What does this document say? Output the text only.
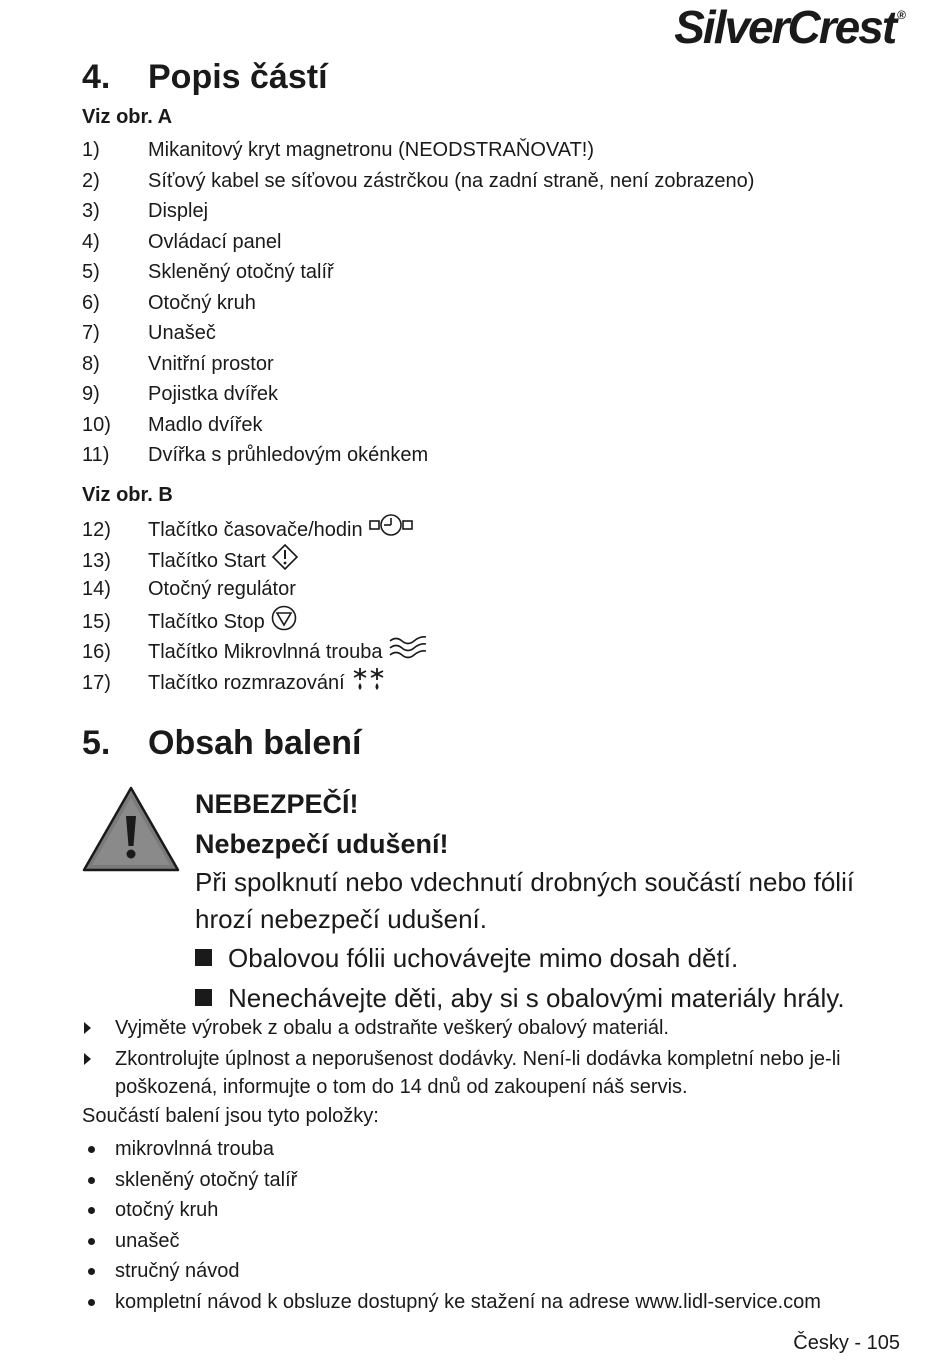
SilverCrest ®
4. Popis částí

Viz obr. A

1) Mikanitový kryt magnetronu (NEODSTRAŇOVAT!)
2) Síťový kabel se síťovou zástrčkou (na zadní straně, není zobrazeno)
3) Displej
4) Ovládací panel
5) Skleněný otočný talíř
6) Otočný kruh
7) Unašeč
8) Vnitřní prostor
9) Pojistka dvířek
10) Madlo dvířek
11) Dvířka s průhledovým okénkem

Viz obr. B

12) Tlačítko časovače/hodin
13) Tlačítko Start
14) Otočný regulátor
15) Tlačítko Stop
16) Tlačítko Mikrovlnná trouba
17) Tlačítko rozmrazování
5. Obsah balení
NEBEZPEČÍ!
Nebezpečí udušení!
Při spolknutí nebo vdechnutí drobných součástí nebo fólií hrozí nebezpečí udušení.
Obalovou fólii uchovávejte mimo dosah dětí.
Nenechávejte děti, aby si s obalovými materiály hrály.
Vyjměte výrobek z obalu a odstraňte veškerý obalový materiál.
Zkontrolujte úplnost a neporušenost dodávky. Není-li dodávka kompletní nebo je-li poškozená, informujte o tom do 14 dnů od zakoupení náš servis.

Součástí balení jsou tyto položky:

mikrovlnná trouba
skleněný otočný talíř
otočný kruh
unašeč
stručný návod
kompletní návod k obsluze dostupný ke stažení na adrese www.lidl-service.com
Česky - 105
